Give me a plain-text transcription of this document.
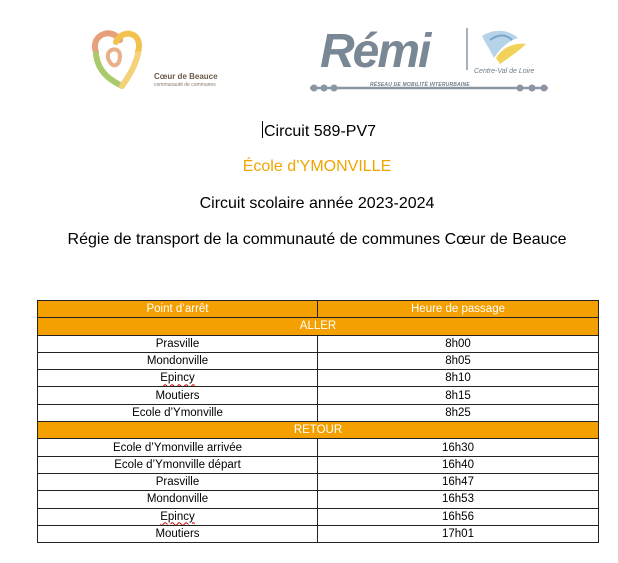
Cœur de Beauce
communauté de communes
Rémi	Centre-Val de Loire
RÉSEAU DE MOBILITÉ INTERURBAINE
Circuit 589-PV7
École d’YMONVILLE
Circuit scolaire année 2023-2024
Régie de transport de la communauté de communes Cœur de Beauce
Point d’arrêt	Heure de passage
ALLER	
Prasville	8h00
Mondonville	8h05
Epincy	8h10
Moutiers	8h15
Ecole d’Ymonville	8h25
RETOUR	
Ecole d’Ymonville arrivée	16h30
Ecole d’Ymonville départ	16h40
Prasville	16h47
Mondonville	16h53
Epincy	16h56
Moutiers	17h01
